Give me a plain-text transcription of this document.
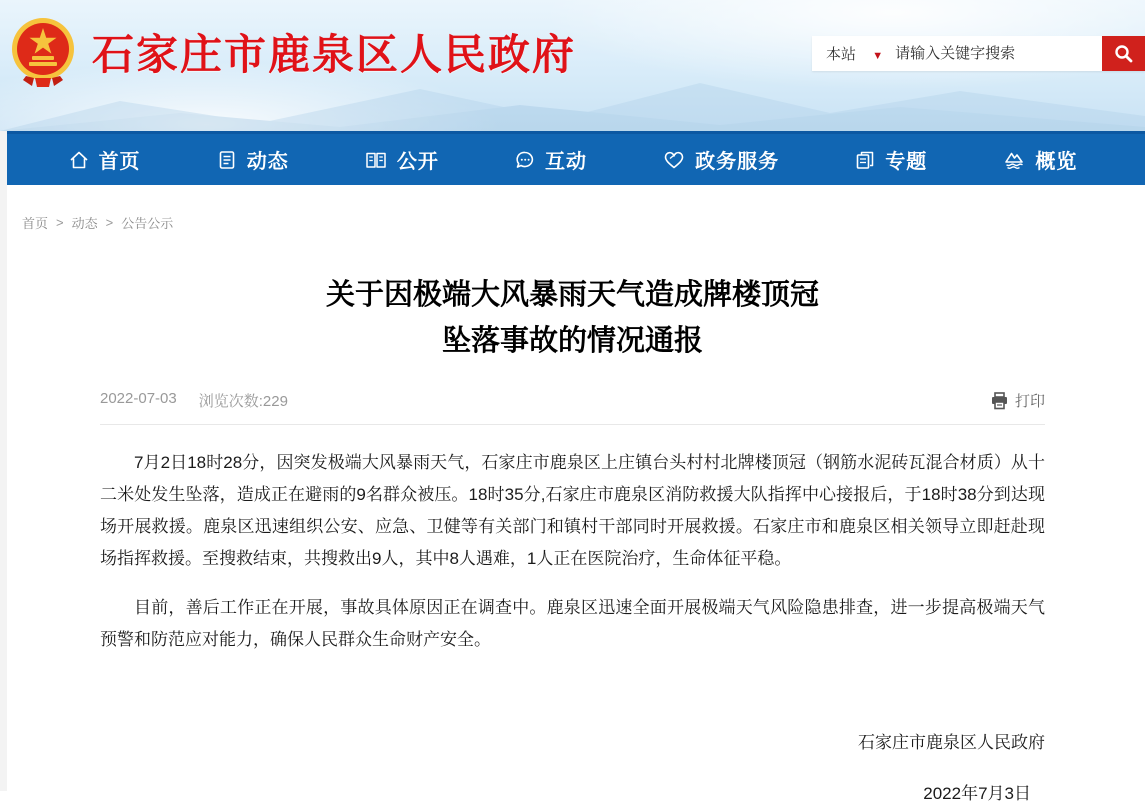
石家庄市鹿泉区人民政府	本站 ▼
请输入关键字搜索
首页	动态	公开	互动	政务服务	专题	概览
首页 > 动态 > 公告公示
关于因极端大风暴雨天气造成牌楼顶冠
坠落事故的情况通报
2022-07-03 浏览次数:229	打印

7月2日18时28分，因突发极端大风暴雨天气，石家庄市鹿泉区上庄镇台头村村北牌楼顶冠（钢筋水泥砖瓦混合材质）从十二米处发生坠落，造成正在避雨的9名群众被压。18时35分,石家庄市鹿泉区消防救援大队指挥中心接报后，于18时38分到达现场开展救援。鹿泉区迅速组织公安、应急、卫健等有关部门和镇村干部同时开展救援。石家庄市和鹿泉区相关领导立即赶赴现场指挥救援。至搜救结束，共搜救出9人，其中8人遇难，1人正在医院治疗，生命体征平稳。

目前，善后工作正在开展，事故具体原因正在调查中。鹿泉区迅速全面开展极端天气风险隐患排查，进一步提高极端天气预警和防范应对能力，确保人民群众生命财产安全。

石家庄市鹿泉区人民政府
2022年7月3日
